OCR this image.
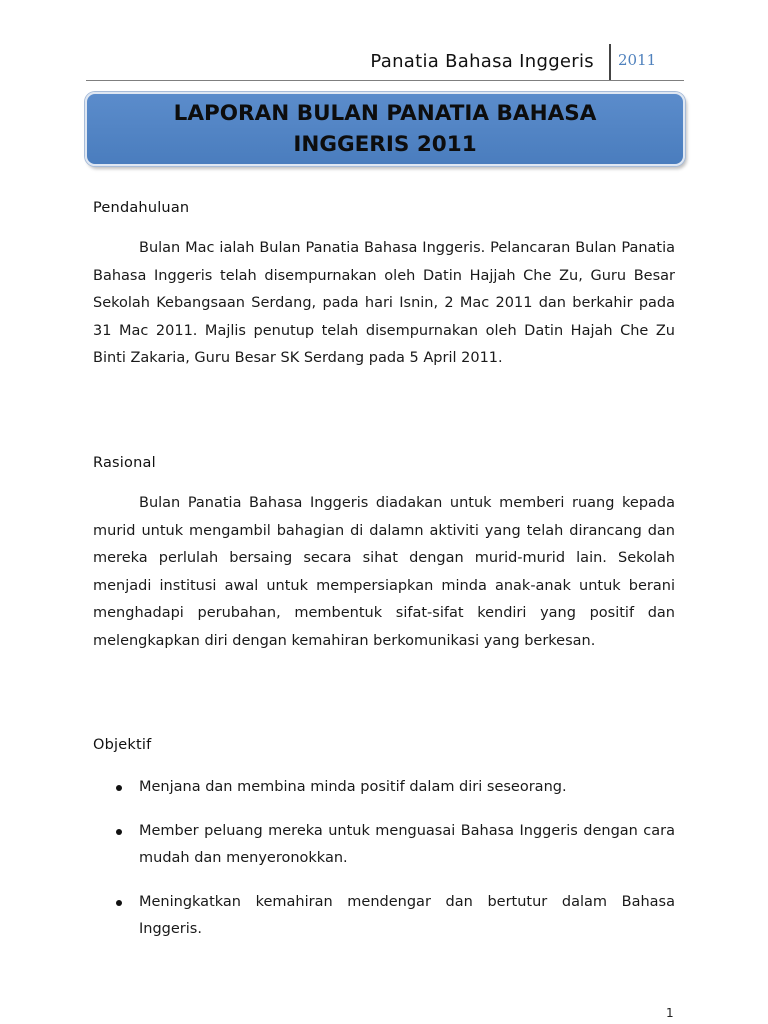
Panatia Bahasa Inggeris 2011
LAPORAN BULAN PANATIA BAHASA INGGERIS 2011
Pendahuluan

Bulan Mac ialah Bulan Panatia Bahasa Inggeris. Pelancaran Bulan Panatia Bahasa Inggeris telah disempurnakan oleh Datin Hajjah Che Zu, Guru Besar Sekolah Kebangsaan Serdang, pada hari Isnin, 2 Mac 2011 dan berkahir pada 31 Mac 2011. Majlis penutup telah disempurnakan oleh Datin Hajah Che Zu Binti Zakaria, Guru Besar SK Serdang pada 5 April 2011.

Rasional

Bulan Panatia Bahasa Inggeris diadakan untuk memberi ruang kepada murid untuk mengambil bahagian di dalamn aktiviti yang telah dirancang dan mereka perlulah bersaing secara sihat dengan murid-murid lain. Sekolah menjadi institusi awal untuk mempersiapkan minda anak-anak untuk berani menghadapi perubahan, membentuk sifat-sifat kendiri yang positif dan melengkapkan diri dengan kemahiran berkomunikasi yang berkesan.

Objektif
Menjana dan membina minda positif dalam diri seseorang.
Member peluang mereka untuk menguasai Bahasa Inggeris dengan cara mudah dan menyeronokkan.
Meningkatkan kemahiran mendengar dan bertutur dalam Bahasa Inggeris.
1
